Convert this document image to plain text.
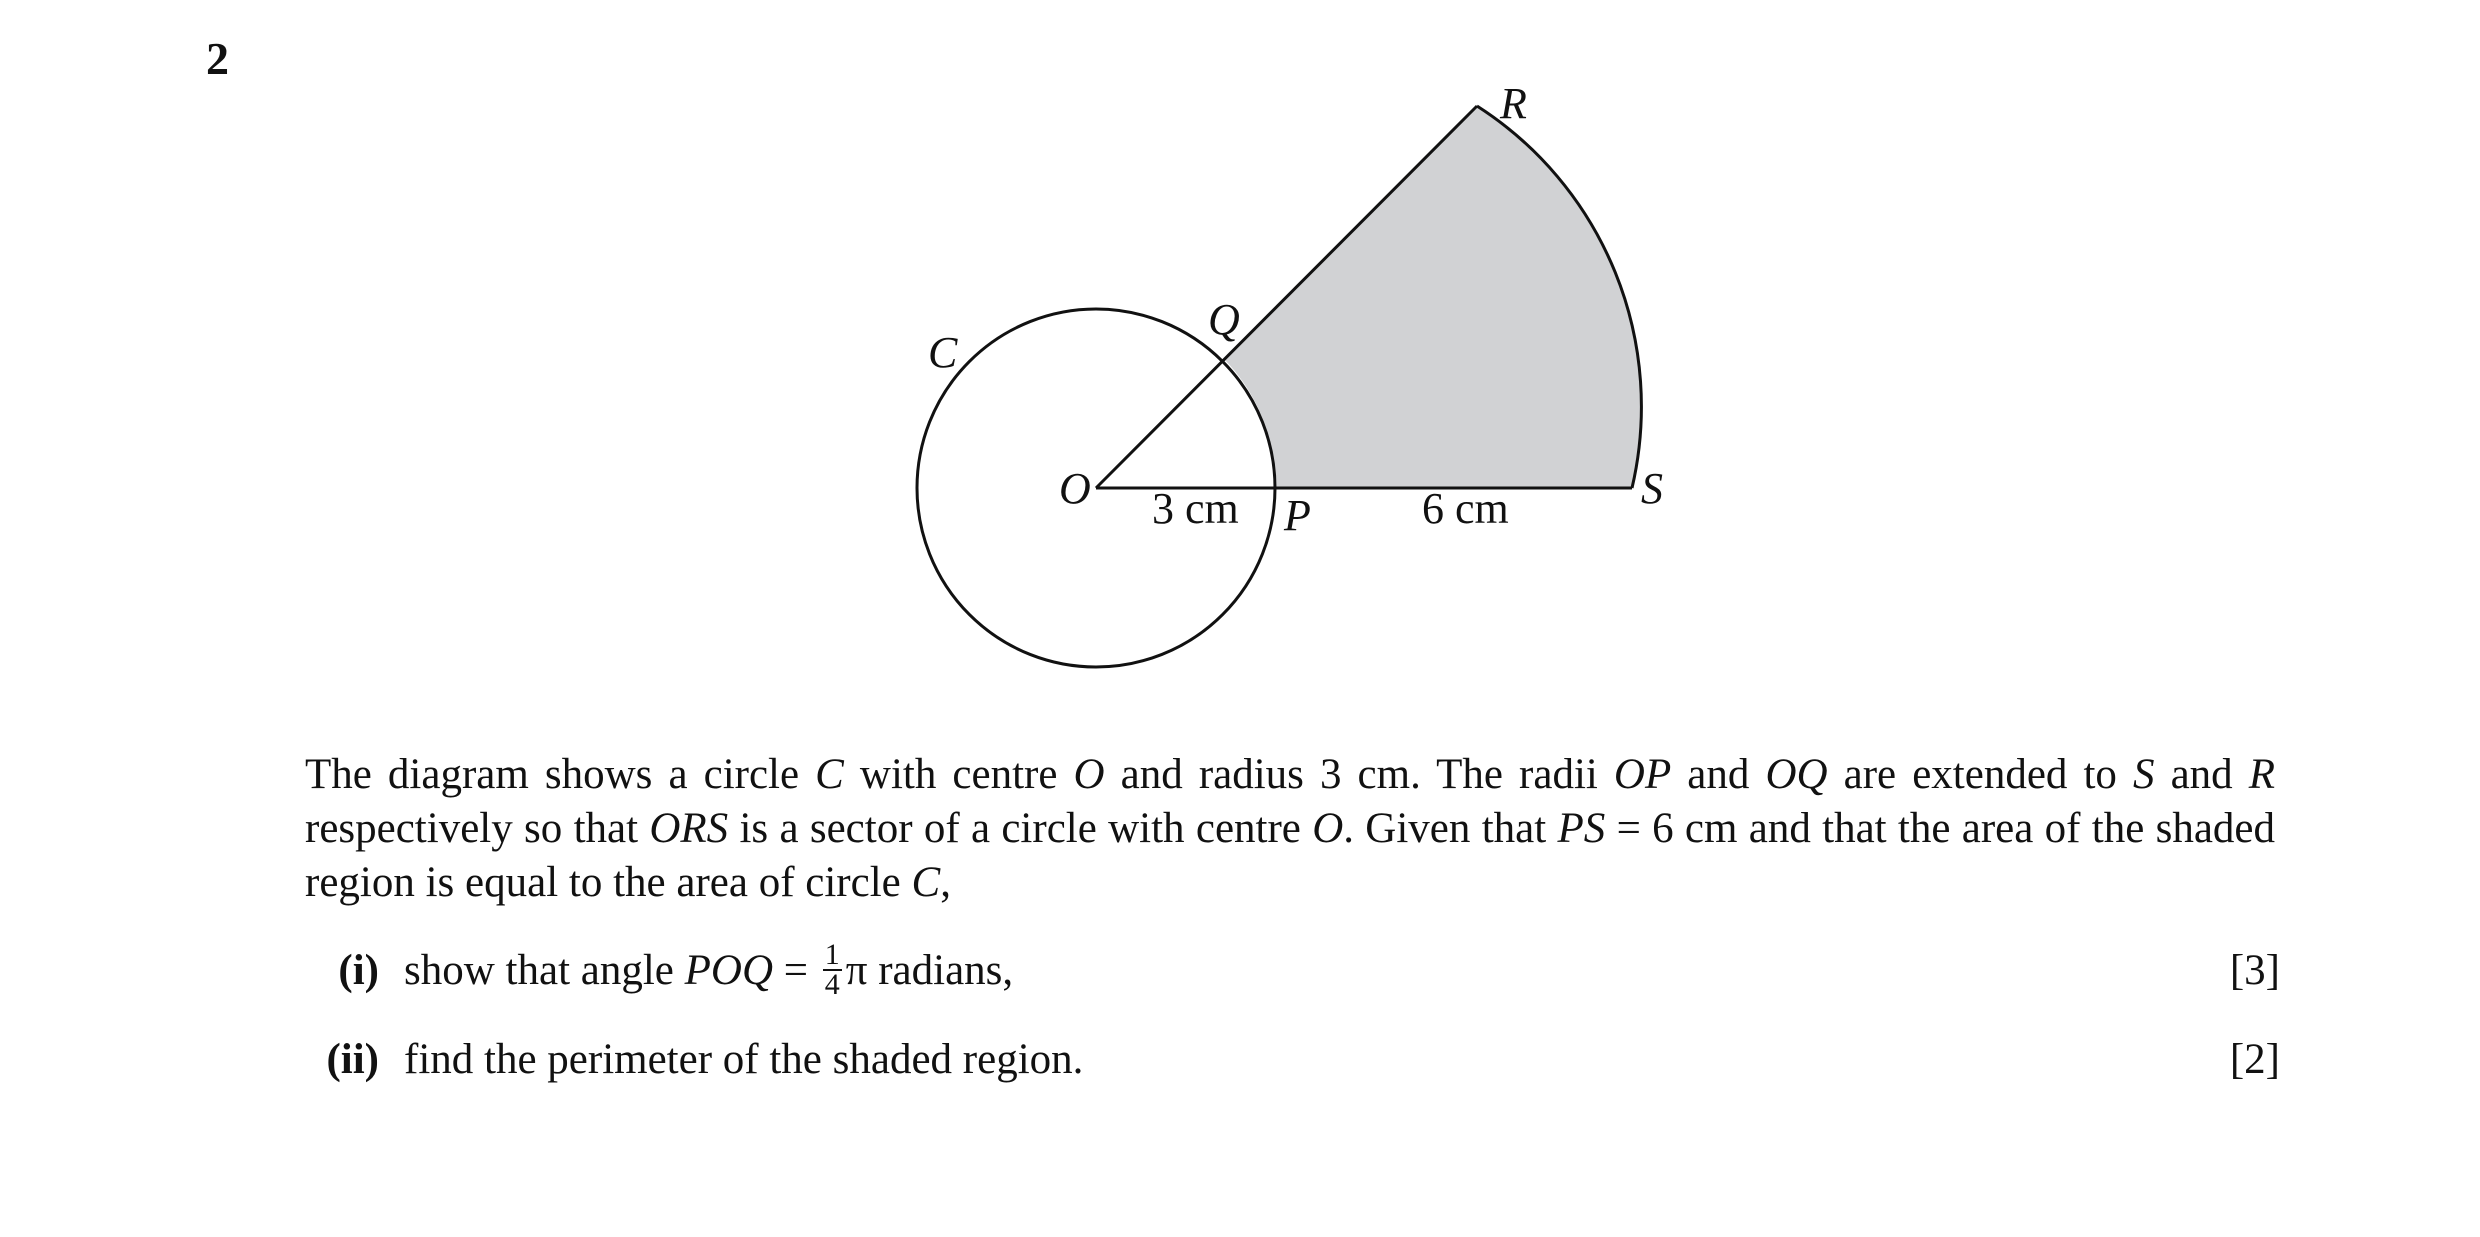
2
R
Q
C
O
P
S
3 cm	6 cm
The diagram shows a circle C with centre O and radius 3 cm. The radii OP and OQ are extended to S and R respectively so that ORS is a sector of a circle with centre O. Given that PS = 6 cm and that the area of the shaded region is equal to the area of circle C,
(i) show that angle POQ = $\frac{1}{4}$ π radians,	[3]
(ii) find the perimeter of the shaded region.	[2]
